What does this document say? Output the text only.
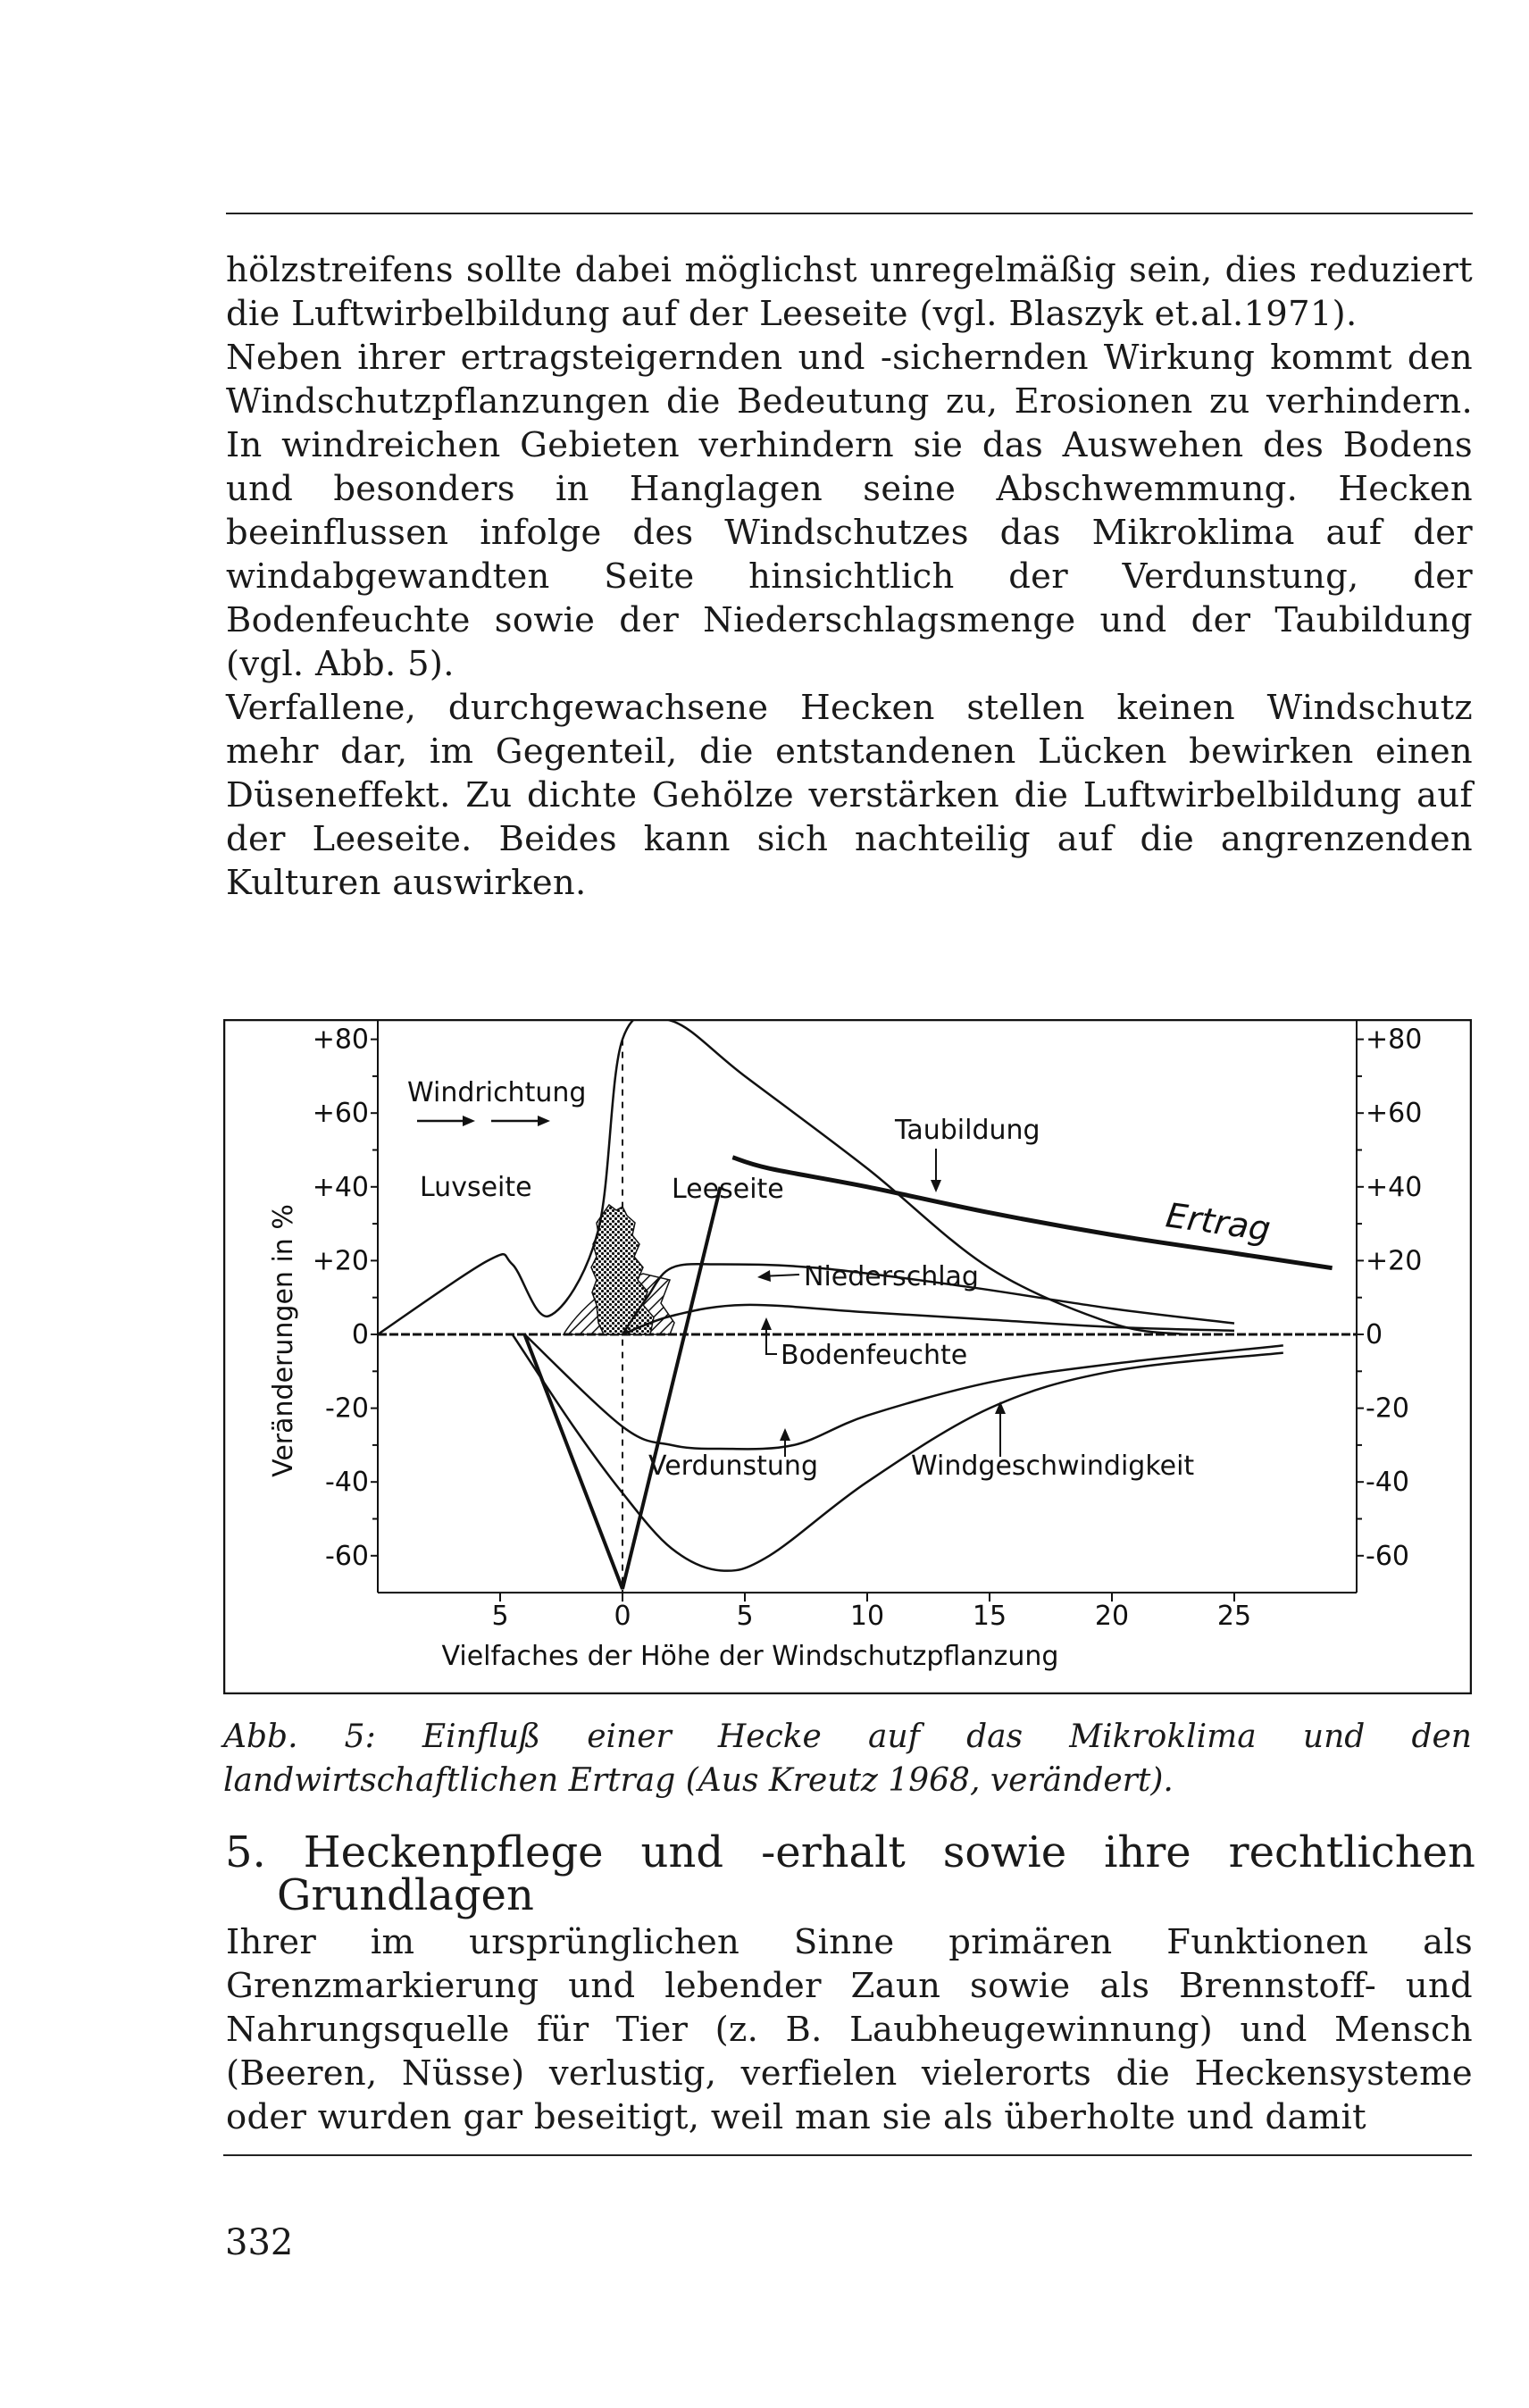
hölzstreifens sollte dabei möglichst unregelmäßig sein, dies reduziert die Luftwirbelbildung auf der Leeseite (vgl. Blaszyk et.al.1971).

Neben ihrer ertragsteigernden und -sichernden Wirkung kommt den Windschutzpflanzungen die Bedeutung zu, Erosionen zu verhindern. In windreichen Gebieten verhindern sie das Auswehen des Bodens und besonders in Hanglagen seine Abschwemmung. Hecken beeinflussen infolge des Windschutzes das Mikroklima auf der windabgewandten Seite hinsichtlich der Verdunstung, der Bodenfeuchte sowie der Niederschlagsmenge und der Taubildung (vgl. Abb. 5).

Verfallene, durchgewachsene Hecken stellen keinen Windschutz mehr dar, im Gegenteil, die entstandenen Lücken bewirken einen Düseneffekt. Zu dichte Gehölze verstärken die Luftwirbelbildung auf der Leeseite. Beides kann sich nachteilig auf die angrenzenden Kulturen auswirken.

+80	+80
+60	+60
+40	+40
+20	+20
0	0
-20	-20
-40	-40
-60	-60
5	0	5	10	15	20	25
Windrichtung
Luvseite	Leeseite
Taubildung
Ertrag
Niederschlag
Bodenfeuchte
Verdunstung	Windgeschwindigkeit
Vielfaches der Höhe der Windschutzpflanzung
Veränderungen in %
Abb. 5: Einfluß einer Hecke auf das Mikroklima und den landwirtschaftlichen Ertrag (Aus Kreutz 1968, verändert).
5. Heckenpflege und -erhalt sowie ihre rechtlichen
Grundlagen

Ihrer im ursprünglichen Sinne primären Funktionen als Grenzmarkierung und lebender Zaun sowie als Brennstoff- und Nahrungsquelle für Tier (z. B. Laubheugewinnung) und Mensch (Beeren, Nüsse) verlustig, verfielen vielerorts die Heckensysteme oder wurden gar beseitigt, weil man sie als überholte und damit

332
